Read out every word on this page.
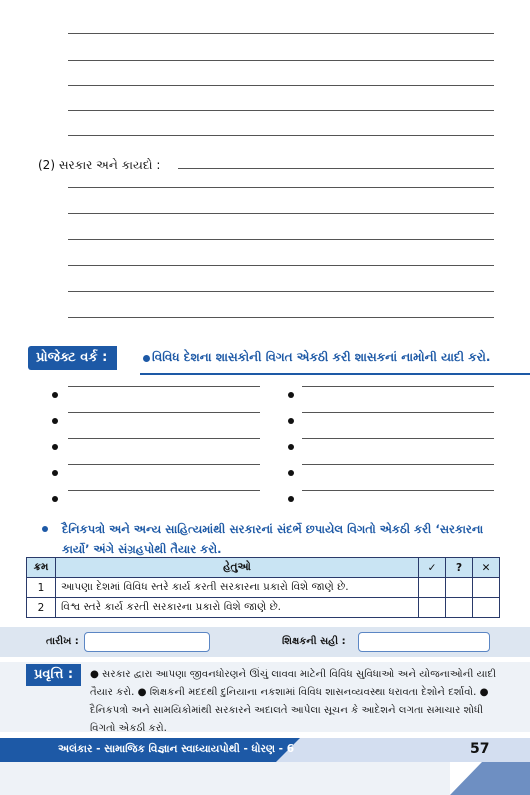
(2) સરકાર અને કાયદો :
પ્રોજેક્ટ વર્ક :	વિવિધ દેશના શાસકોની વિગત એકઠી કરી શાસકનાં નામોની યાદી કરો.
દૈનિકપત્રો અને અન્ય સાહિત્યમાંથી સરકારનાં સંદર્ભે છપાયેલ વિગતો એકઠી કરી ‘સરકારના કાર્યો’ અંગે સંગ્રહપોથી તૈયાર કરો.
ક્રમ	હેતુઓ	✓	?	✕
1	આપણા દેશમાં વિવિધ સ્તરે કાર્ય કરતી સરકારના પ્રકારો વિશે જાણે છે.			
2	વિશ્વ સ્તરે કાર્ય કરતી સરકારના પ્રકારો વિશે જાણે છે.			
તારીખ :	શિક્ષકની સહી :
પ્રવૃત્તિ :	● સરકાર દ્વારા આપણા જીવનધોરણને ઊંચું લાવવા માટેની વિવિધ સુવિધાઓ અને યોજનાઓની યાદી તૈયાર કરો. ● શિક્ષકની મદદથી દુનિયાના નકશામાં વિવિધ શાસનવ્યવસ્થા ધરાવતા દેશોને દર્શાવો. ● દૈનિકપત્રો અને સામયિકોમાંથી સરકારને અદાલતે આપેલા સૂચન કે આદેશને લગતા સમાચાર શોધી વિગતો એકઠી કરો.
અલંકાર - સામાજિક વિજ્ઞાન સ્વાધ્યાયપોથી - ધોરણ - 6	57
